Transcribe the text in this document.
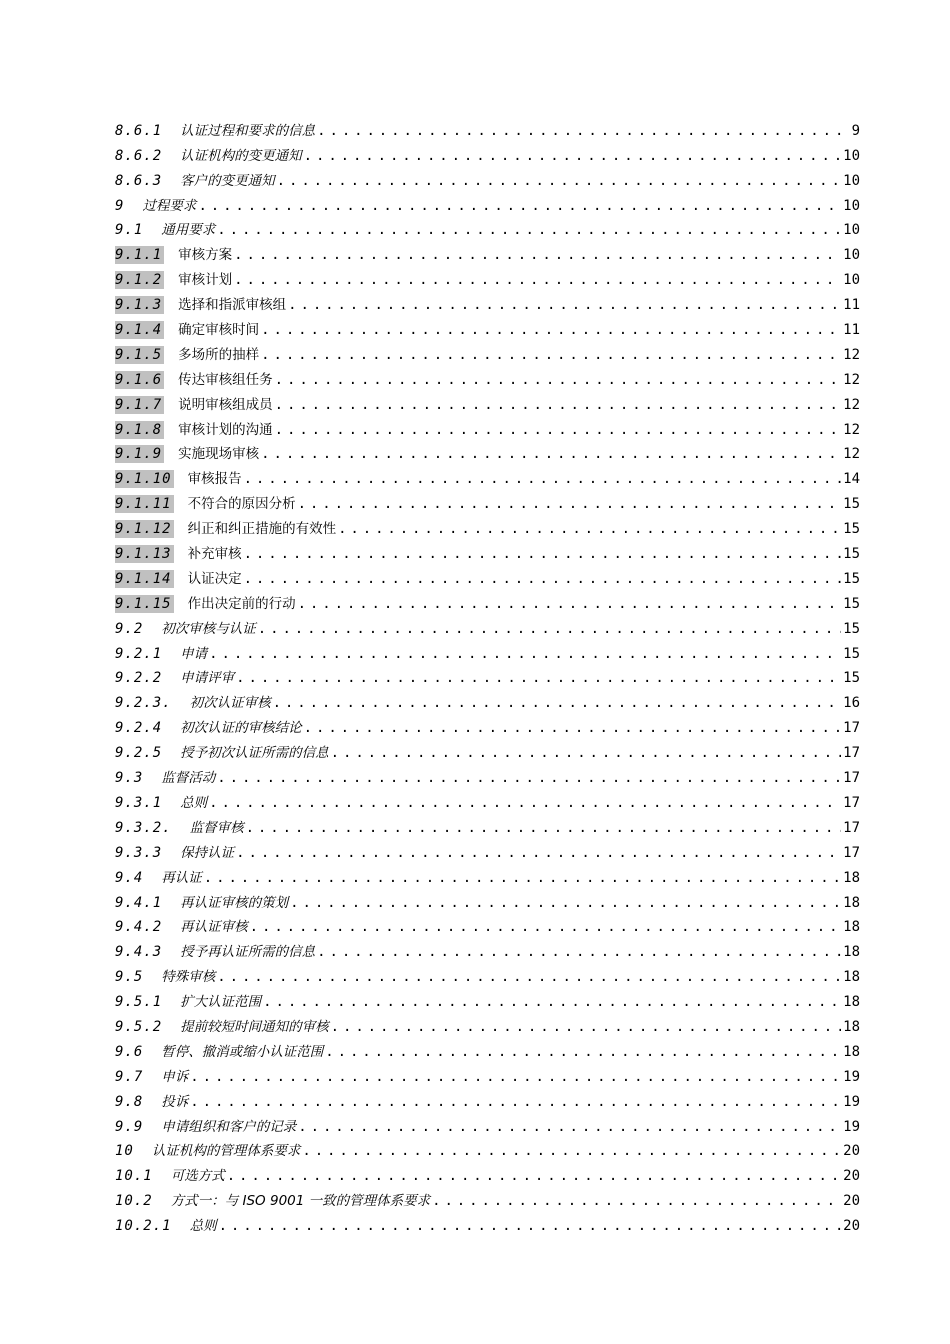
8.6.1 认证过程和要求的信息 .....	9
8.6.2 认证机构的变更通知 .....	10
8.6.3 客户的变更通知 .....	10
9 过程要求 .....	10
9.1 通用要求 .....	10
9.1.1 审核方案 .....	10
9.1.2 审核计划 .....	10
9.1.3 选择和指派审核组 .....	11
9.1.4 确定审核时间 .....	11
9.1.5 多场所的抽样 .....	12
9.1.6 传达审核组任务 .....	12
9.1.7 说明审核组成员 .....	12
9.1.8 审核计划的沟通 .....	12
9.1.9 实施现场审核 .....	12
9.1.10 审核报告 .....	14
9.1.11 不符合的原因分析 .....	15
9.1.12 纠正和纠正措施的有效性 .....	15
9.1.13 补充审核 .....	15
9.1.14 认证决定 .....	15
9.1.15 作出决定前的行动 .....	15
9.2 初次审核与认证 .....	15
9.2.1 申请 .....	15
9.2.2 申请评审 .....	15
9.2.3. 初次认证审核 .....	16
9.2.4 初次认证的审核结论 .....	17
9.2.5 授予初次认证所需的信息 .....	17
9.3 监督活动 .....	17
9.3.1 总则 .....	17
9.3.2. 监督审核 .....	17
9.3.3 保持认证 .....	17
9.4 再认证 .....	18
9.4.1 再认证审核的策划 .....	18
9.4.2 再认证审核 .....	18
9.4.3 授予再认证所需的信息 .....	18
9.5 特殊审核 .....	18
9.5.1 扩大认证范围 .....	18
9.5.2 提前较短时间通知的审核 .....	18
9.6 暂停、撤消或缩小认证范围 .....	18
9.7 申诉 .....	19
9.8 投诉 .....	19
9.9 申请组织和客户的记录 .....	19
10 认证机构的管理体系要求 .....	20
10.1 可选方式 .....	20
10.2 方式一：与 ISO 9001 一致的管理体系要求 .....	20
10.2.1 总则 .....	20
